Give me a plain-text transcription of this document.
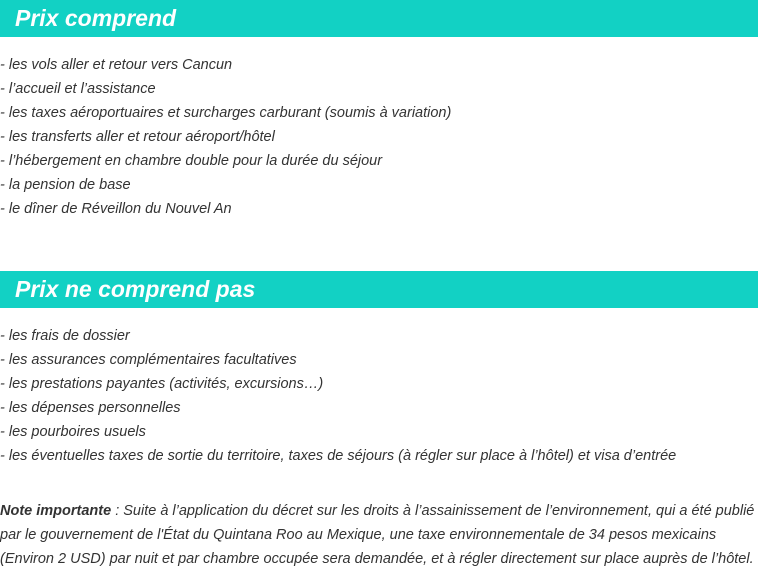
Prix comprend
- les vols aller et retour vers Cancun
- l’accueil et l’assistance
- les taxes aéroportuaires et surcharges carburant (soumis à variation)
- les transferts aller et retour aéroport/hôtel
- l’hébergement en chambre double pour la durée du séjour
- la pension de base
- le dîner de Réveillon du Nouvel An
Prix ne comprend pas
- les frais de dossier
- les assurances complémentaires facultatives
- les prestations payantes (activités, excursions…)
- les dépenses personnelles
- les pourboires usuels
- les éventuelles taxes de sortie du territoire, taxes de séjours (à régler sur place à l’hôtel) et visa d’entrée

Note importante : Suite à l’application du décret sur les droits à l’assainissement de l’environnement, qui a été publié par le gouvernement de l'État du Quintana Roo au Mexique, une taxe environnementale de 34 pesos mexicains (Environ 2 USD) par nuit et par chambre occupée sera demandée, et à régler directement sur place auprès de l’hôtel.
